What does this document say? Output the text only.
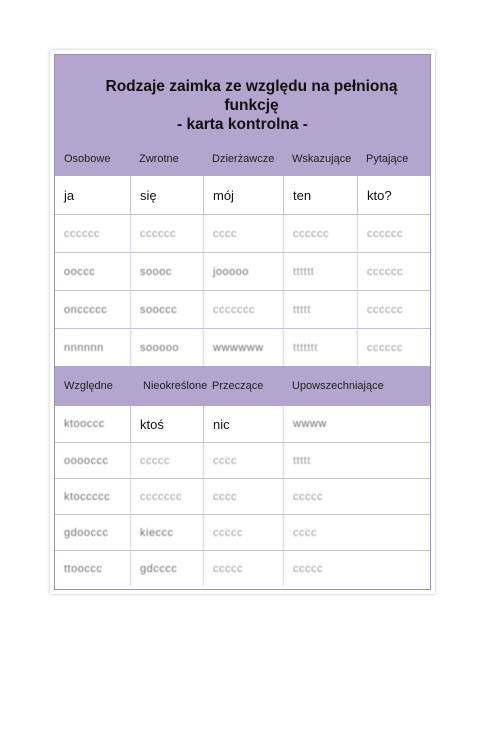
Rodzaje zaimka ze względu na pełnioną
funkcję
- karta kontrolna -
Osobowe	Zwrotne	Dzierżawcze	Wskazujące	Pytające
ja	się	mój	ten	kto?
cccccc	cccccc	cccc	cccccc	cccccc
ooccc	soooc	jooooo	tttttt	cccccc
onccccc	sooccc	ccccccc	ttttt	cccccc
nnnnnn	sooooo	wwwwww	ttttttt	cccccc
Względne	Nieokreślone Przeczące	Upowszechniające
ktooccc	ktoś	nic	wwww
ooooccc	ccccc	cccc	ttttt
ktoccccc	ccccccc	cccc	ccccc
gdooccc	kieccc	ccccc	cccc
ttooccc	gdcccc	ccccc	ccccc
